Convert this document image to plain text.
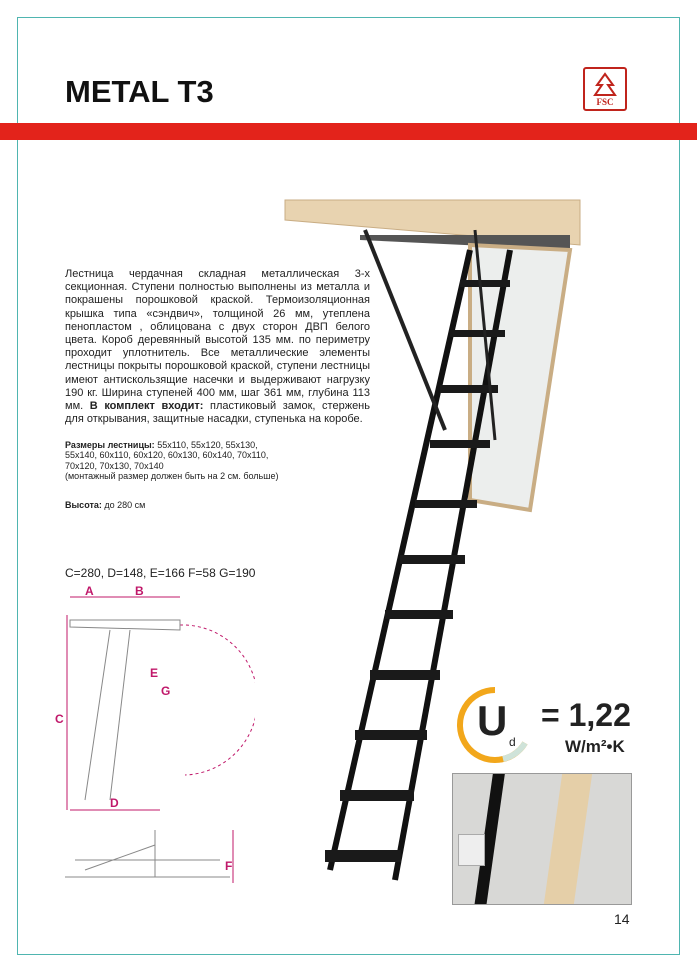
METAL T3	FSC
Лестница чердачная складная металлическая 3-х секционная. Ступени полностью выполнены из металла и покрашены порошковой краской. Термоизоляционная крышка типа «сэндвич», толщиной 26 мм, утеплена пенопластом , облицована с двух сторон ДВП белого цвета. Короб деревянный высотой 135 мм. по периметру проходит уплотнитель. Все металлические элементы лестницы покрыты порошковой краской, ступени лестницы имеют антискользящие насечки и выдерживают нагрузку 190 кг. Ширина ступеней 400 мм, шаг 361 мм, глубина 113 мм. В комплект входит: пластиковый замок, стержень для открывания, защитные насадки, ступенька на коробе.
Размеры лестницы: 55x110, 55x120, 55x130, 55x140, 60x110, 60x120, 60x130, 60x140, 70x110, 70x120, 70x130, 70x140
(монтажный размер должен быть на 2 см. больше)
Высота: до 280 см
C=280, D=148, E=166 F=58 G=190
A	B
C
D
E
G
F
U d
= 1,22
W/m²•K
14
